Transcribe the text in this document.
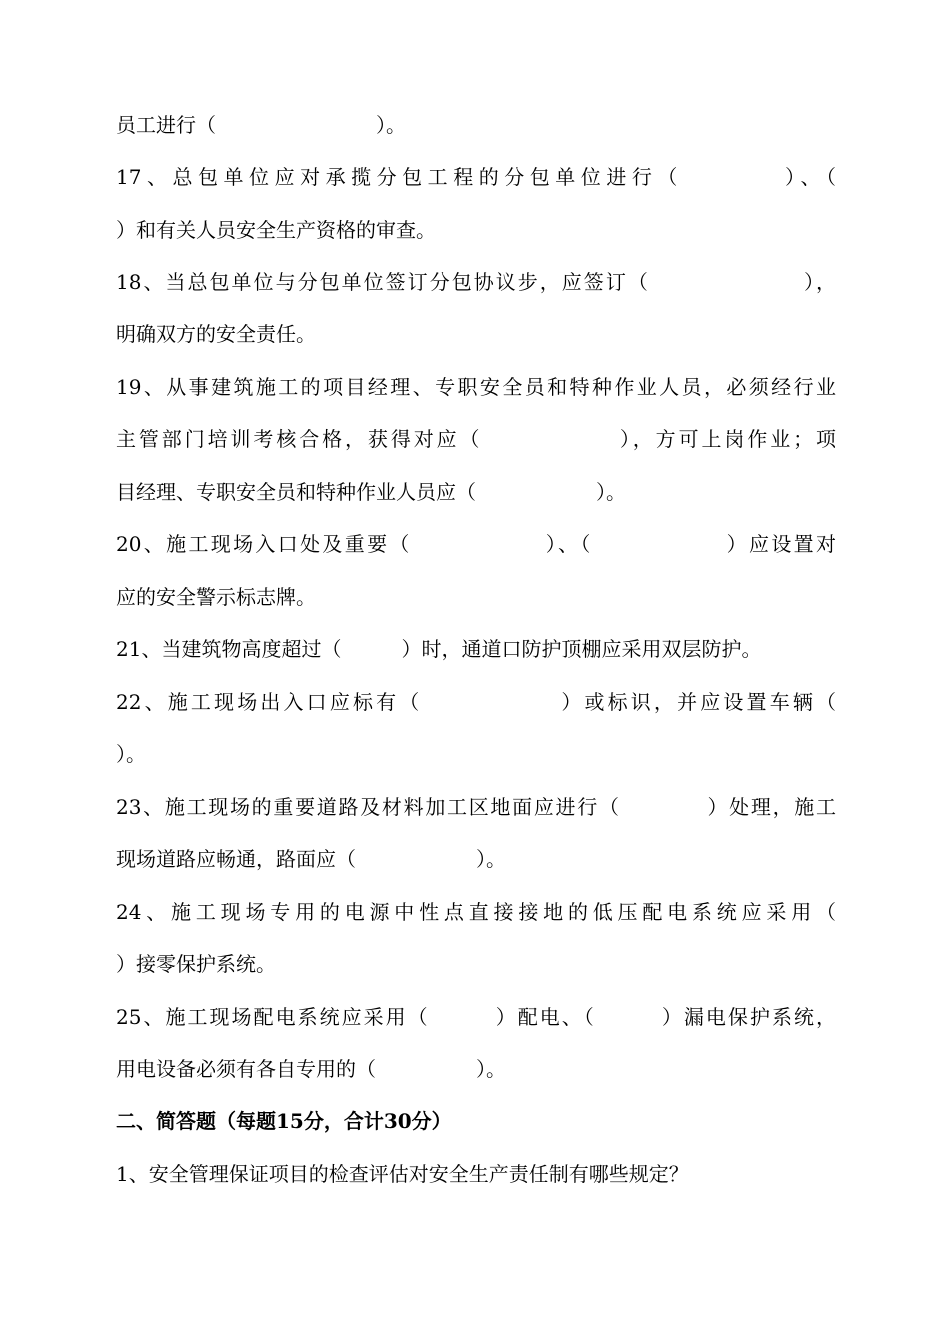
员工进行（　　　　　　　　）。
17、总包单位应对承揽分包工程的分包单位进行（　　　　）、（
）和有关人员安全生产资格的审查。
18、当总包单位与分包单位签订分包协议步，应签订（　　　　　　　），
明确双方的安全责任。
19、从事建筑施工的项目经理、专职安全员和特种作业人员，必须经行业
主管部门培训考核合格，获得对应（　　　　　　），方可上岗作业；项
目经理、专职安全员和特种作业人员应（　　　　　　）。
20、施工现场入口处及重要（　　　　　　）、（　　　　　　）应设置对
应的安全警示标志牌。
21、当建筑物高度超过（　　　）时，通道口防护顶棚应采用双层防护。
22、施工现场出入口应标有（　　　　　　）或标识，并应设置车辆（
）。
23、施工现场的重要道路及材料加工区地面应进行（　　　　）处理，施工
现场道路应畅通，路面应（　　　　　　）。
24、施工现场专用的电源中性点直接接地的低压配电系统应采用（
）接零保护系统。
25、施工现场配电系统应采用（　　　）配电、（　　　）漏电保护系统，
用电设备必须有各自专用的（　　　　　）。
二、简答题（每题15分，合计30分）
1、安全管理保证项目的检查评估对安全生产责任制有哪些规定？
